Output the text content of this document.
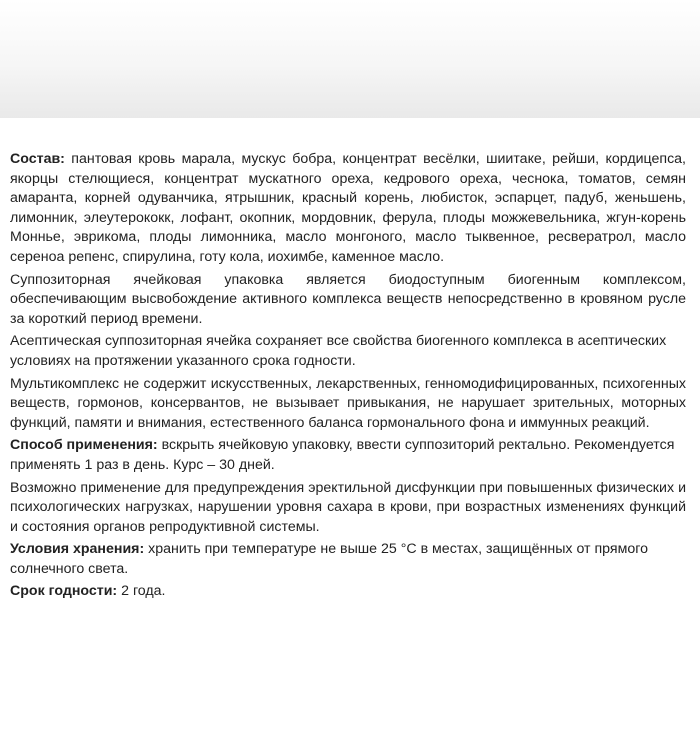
Состав: пантовая кровь марала, мускус бобра, концентрат весёлки, шиитаке, рейши, кордицепса, якорцы стелющиеся, концентрат мускатного ореха, кедрового ореха, чеснока, томатов, семян амаранта, корней одуванчика, ятрышник, красный корень, любисток, эспарцет, падуб, женьшень, лимонник, элеутерококк, лофант, окопник, мордовник, ферула, плоды можжевельника, жгун-корень Монньe, эврикома, плоды лимонника, масло монгоного, масло тыквенное, ресвератрол, масло сереноа репенс, спирулина, готу кола, иохимбе, каменное масло.

Суппозиторная ячейковая упаковка является биодоступным биогенным комплексом, обеспечивающим высвобождение активного комплекса веществ непосредственно в кровяном русле за короткий период времени.

Асептическая суппозиторная ячейка сохраняет все свойства биогенного комплекса в асептических условиях на протяжении указанного срока годности.

Мультикомплекс не содержит искусственных, лекарственных, генномодифицированных, психогенных веществ, гормонов, консервантов, не вызывает привыкания, не нарушает зрительных, моторных функций, памяти и внимания, естественного баланса гормонального фона и иммунных реакций.

Способ применения: вскрыть ячейковую упаковку, ввести суппозиторий ректально. Рекомендуется применять 1 раз в день. Курс – 30 дней.

Возможно применение для предупреждения эректильной дисфункции при повышенных физических и психологических нагрузках, нарушении уровня сахара в крови, при возрастных изменениях функций и состояния органов репродуктивной системы.

Условия хранения: хранить при температуре не выше 25 °C в местах, защищённых от прямого солнечного света.

Срок годности: 2 года.
